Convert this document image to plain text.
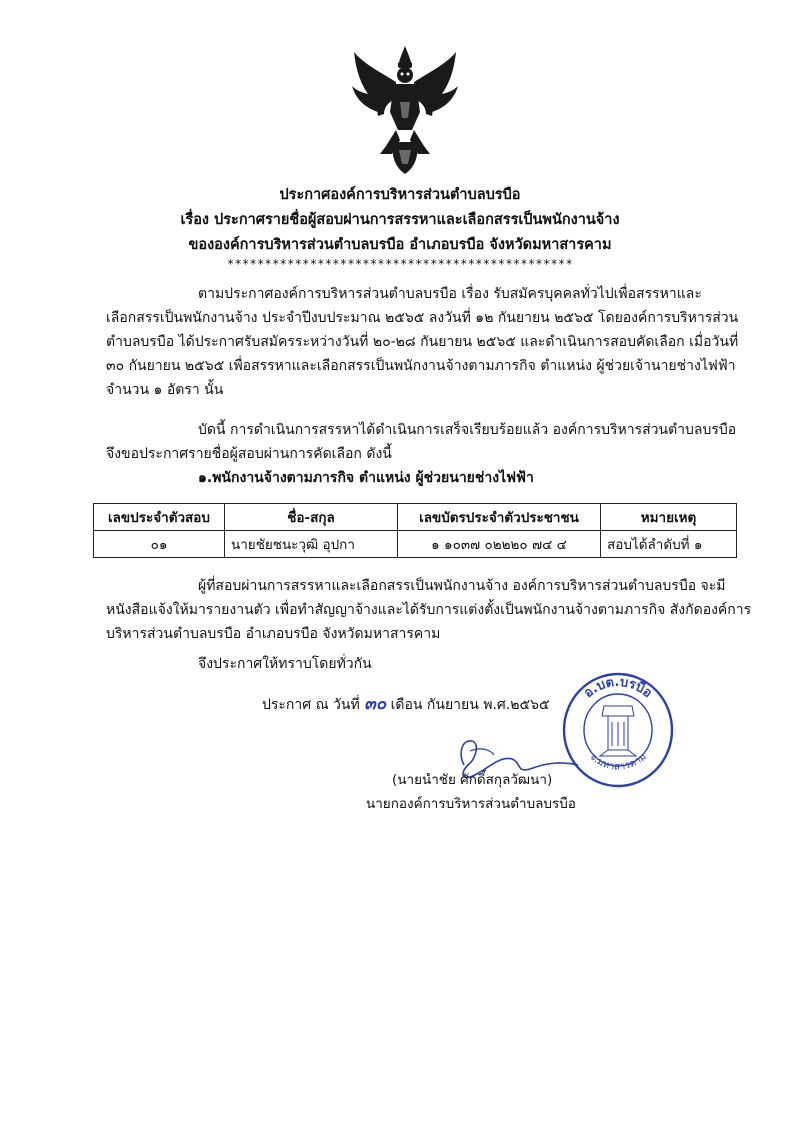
ประกาศองค์การบริหารส่วนตำบลบรบือ
เรื่อง ประกาศรายชื่อผู้สอบผ่านการสรรหาและเลือกสรรเป็นพนักงานจ้าง
ขององค์การบริหารส่วนตำบลบรบือ อำเภอบรบือ จังหวัดมหาสารคาม
**********************************************
ตามประกาศองค์การบริหารส่วนตำบลบรบือ เรื่อง รับสมัครบุคคลทั่วไปเพื่อสรรหาและ
เลือกสรรเป็นพนักงานจ้าง ประจำปีงบประมาณ ๒๕๖๕ ลงวันที่ ๑๒ กันยายน ๒๕๖๕ โดยองค์การบริหารส่วน
ตำบลบรบือ ได้ประกาศรับสมัครระหว่างวันที่ ๒๐-๒๘ กันยายน ๒๕๖๕ และดำเนินการสอบคัดเลือก เมื่อวันที่
๓๐ กันยายน ๒๕๖๕ เพื่อสรรหาและเลือกสรรเป็นพนักงานจ้างตามภารกิจ ตำแหน่ง ผู้ช่วยเจ้านายช่างไฟฟ้า
จำนวน ๑ อัตรา นั้น
บัดนี้ การดำเนินการสรรหาได้ดำเนินการเสร็จเรียบร้อยแล้ว องค์การบริหารส่วนตำบลบรบือ
จึงขอประกาศรายชื่อผู้สอบผ่านการคัดเลือก ดังนี้
๑.พนักงานจ้างตามภารกิจ ตำแหน่ง ผู้ช่วยนายช่างไฟฟ้า
เลขประจำตัวสอบ	ชื่อ-สกุล	เลขบัตรประจำตัวประชาชน	หมายเหตุ
๐๑	นายชัยชนะวุฒิ อุปกา	๑ ๑๐๓๗ ๐๒๒๒๐ ๗๔ ๔	สอบได้ลำดับที่ ๑
ผู้ที่สอบผ่านการสรรหาและเลือกสรรเป็นพนักงานจ้าง องค์การบริหารส่วนตำบลบรบือ จะมี
หนังสือแจ้งให้มารายงานตัว เพื่อทำสัญญาจ้างและได้รับการแต่งตั้งเป็นพนักงานจ้างตามภารกิจ สังกัดองค์การ
บริหารส่วนตำบลบรบือ อำเภอบรบือ จังหวัดมหาสารคาม
จึงประกาศให้ทราบโดยทั่วกัน
ประกาศ ณ วันที่ ๓๐ เดือน กันยายน พ.ศ.๒๕๖๕
อ.บต.บรบือ
จ.มหาสารคาม
(นายนำชัย ศักดิ์สกุลวัฒนา)
นายกองค์การบริหารส่วนตำบลบรบือ
